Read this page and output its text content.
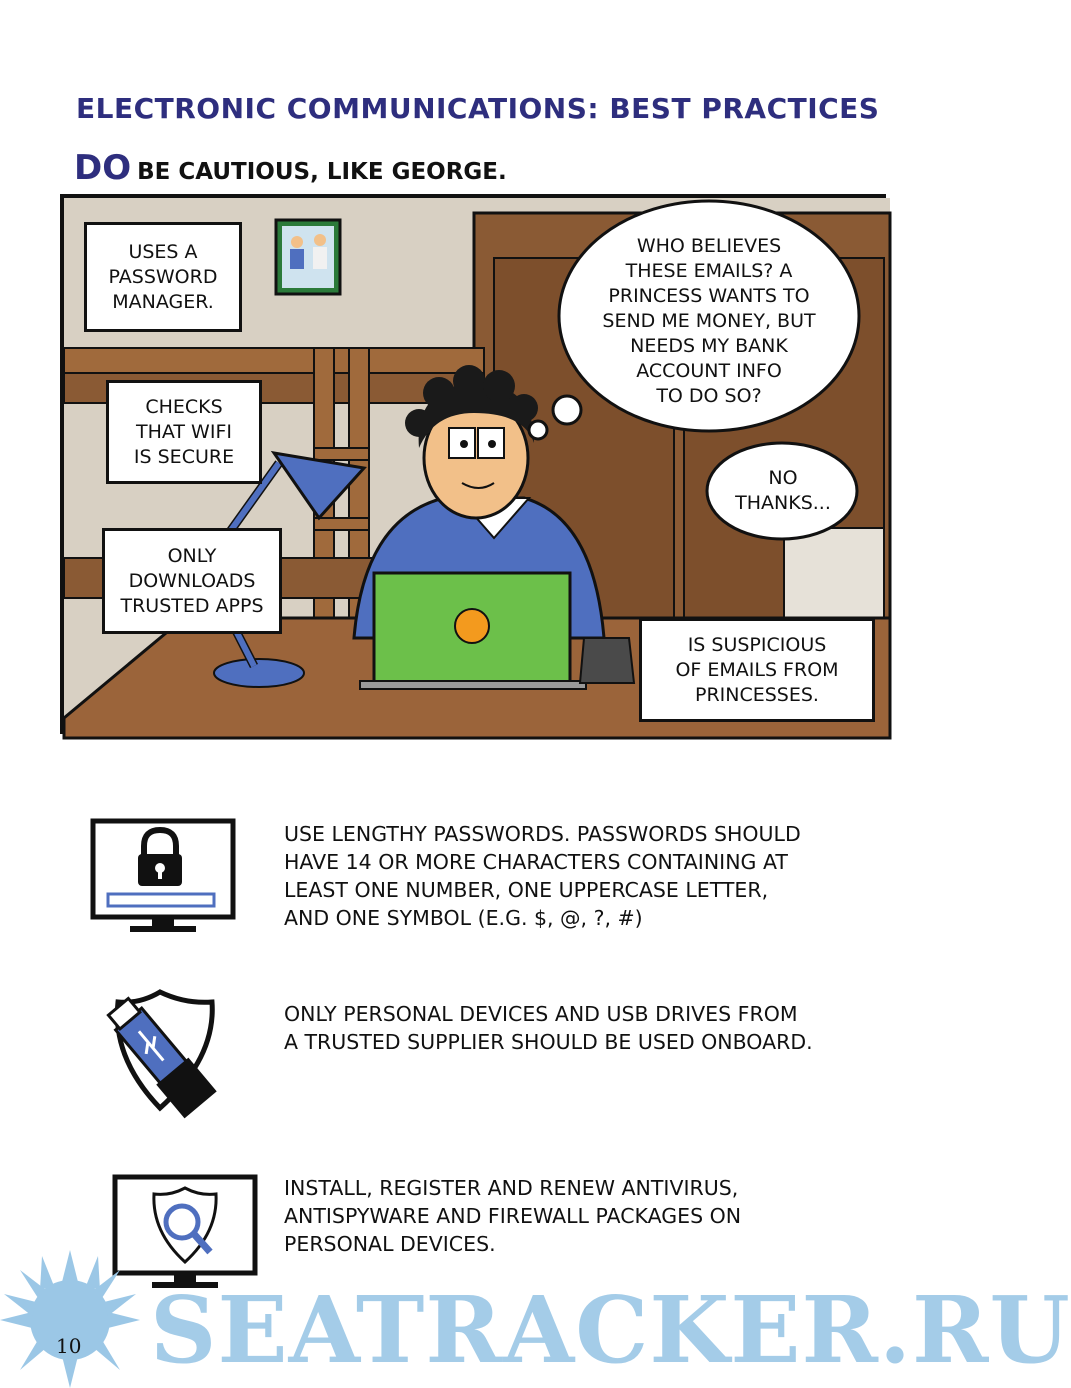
ELECTRONIC COMMUNICATIONS: BEST PRACTICES
DO BE CAUTIOUS, LIKE GEORGE.
WHO BELIEVES
THESE EMAILS? A
PRINCESS WANTS TO
SEND ME MONEY, BUT
NEEDS MY BANK
ACCOUNT INFO
TO DO SO?
NO
THANKS...
USES A
PASSWORD
MANAGER.
CHECKS
THAT WIFI
IS SECURE
ONLY
DOWNLOADS
TRUSTED APPS
IS SUSPICIOUS
OF EMAILS FROM
PRINCESSES.
USE LENGTHY PASSWORDS. PASSWORDS SHOULD
HAVE 14 OR MORE CHARACTERS CONTAINING AT
LEAST ONE NUMBER, ONE UPPERCASE LETTER,
AND ONE SYMBOL (E.G. $, @, ?, #)
ONLY PERSONAL DEVICES AND USB DRIVES FROM
A TRUSTED SUPPLIER SHOULD BE USED ONBOARD.
INSTALL, REGISTER AND RENEW ANTIVIRUS,
ANTISPYWARE AND FIREWALL PACKAGES ON
PERSONAL DEVICES.
SEATRACKER.RU
10
